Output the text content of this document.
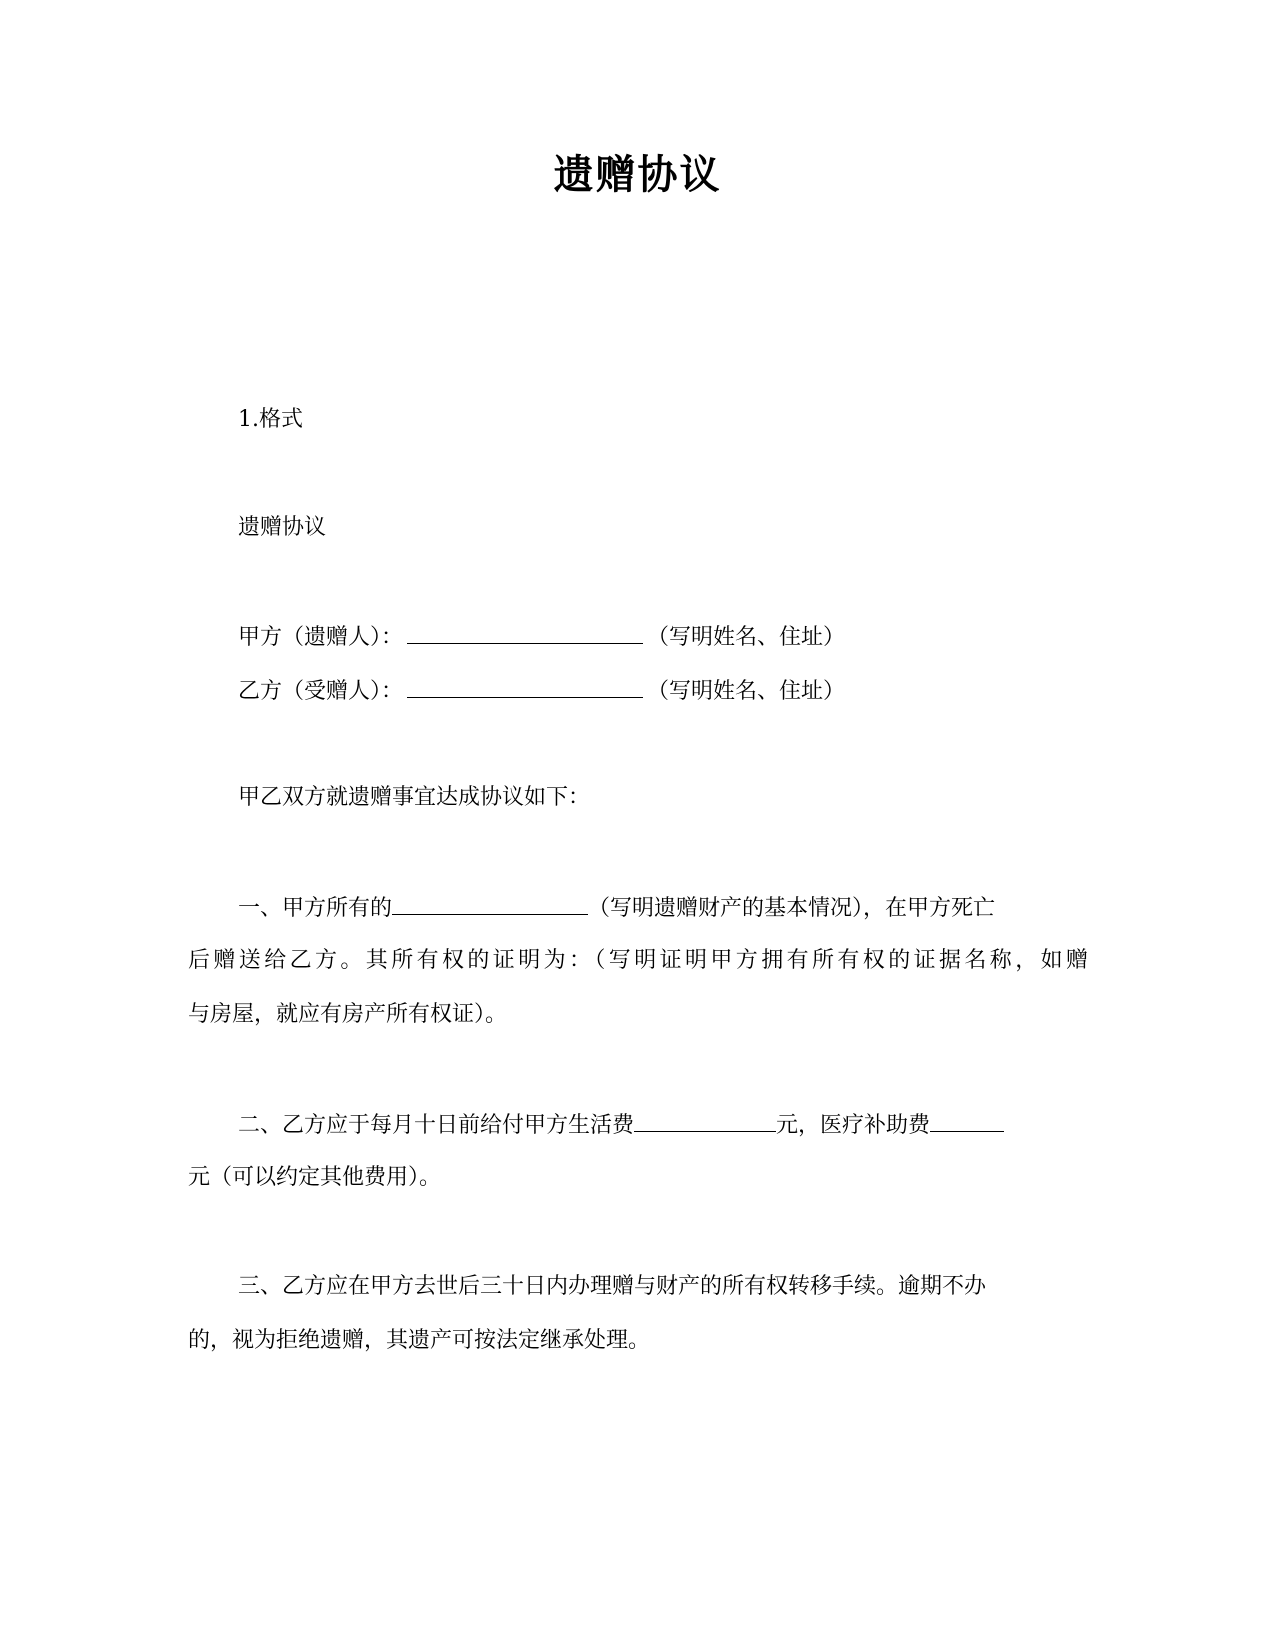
遗赠协议
1.格式
遗赠协议
甲方（遗赠人）：	（写明姓名、住址）
乙方（受赠人）：	（写明姓名、住址）
甲乙双方就遗赠事宜达成协议如下：
一、甲方所有的	（写明遗赠财产的基本情况），在甲方死亡
后赠送给乙方。其所有权的证明为：（写明证明甲方拥有所有权的证据名称，如赠
与房屋，就应有房产所有权证）。
二、乙方应于每月十日前给付甲方生活费	元，医疗补助费
元（可以约定其他费用）。
三、乙方应在甲方去世后三十日内办理赠与财产的所有权转移手续。逾期不办
的，视为拒绝遗赠，其遗产可按法定继承处理。
